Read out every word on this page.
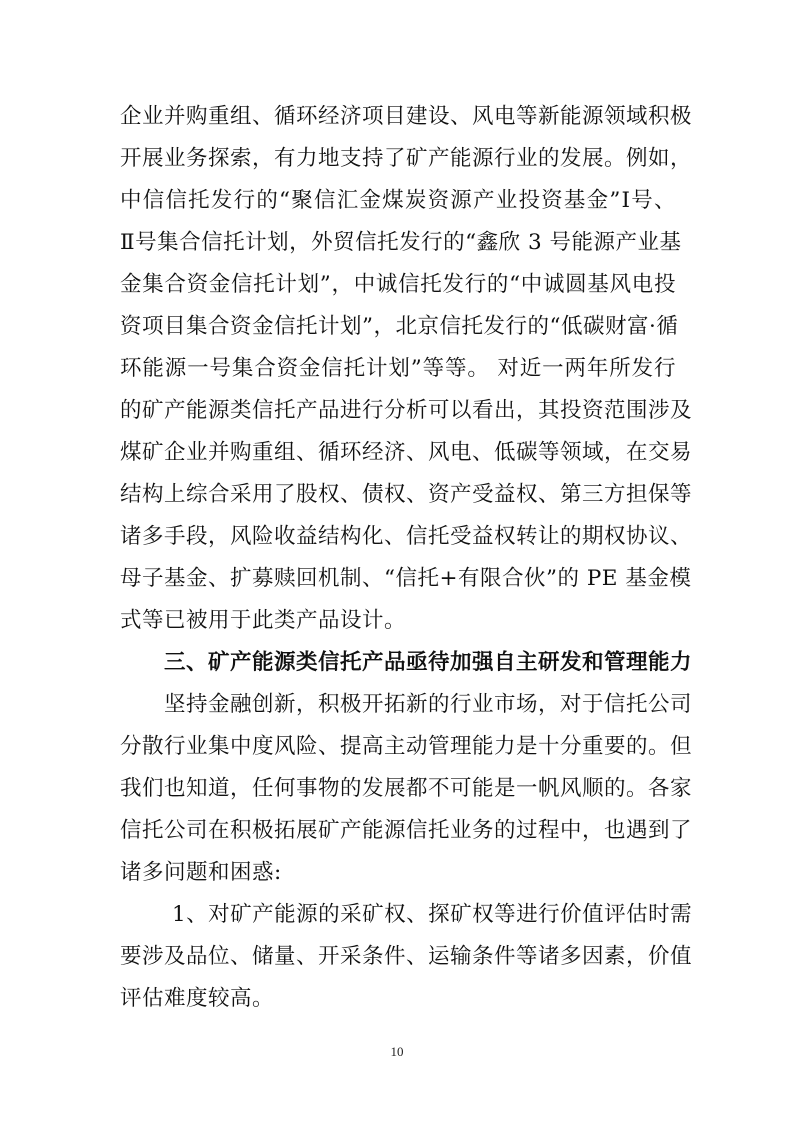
企业并购重组、循环经济项目建设、风电等新能源领域积极
开展业务探索，有力地支持了矿产能源行业的发展。例如，
中信信托发行的“聚信汇金煤炭资源产业投资基金”Ⅰ号、
Ⅱ号集合信托计划，外贸信托发行的“鑫欣 3 号能源产业基
金集合资金信托计划”，中诚信托发行的“中诚圆基风电投
资项目集合资金信托计划”，北京信托发行的“低碳财富·循
环能源一号集合资金信托计划”等等。 对近一两年所发行
的矿产能源类信托产品进行分析可以看出，其投资范围涉及
煤矿企业并购重组、循环经济、风电、低碳等领域，在交易
结构上综合采用了股权、债权、资产受益权、第三方担保等
诸多手段，风险收益结构化、信托受益权转让的期权协议、
母子基金、扩募赎回机制、“信托+有限合伙”的 PE 基金模
式等已被用于此类产品设计。
三、矿产能源类信托产品亟待加强自主研发和管理能力
坚持金融创新，积极开拓新的行业市场，对于信托公司
分散行业集中度风险、提高主动管理能力是十分重要的。但
我们也知道，任何事物的发展都不可能是一帆风顺的。各家
信托公司在积极拓展矿产能源信托业务的过程中，也遇到了
诸多问题和困惑:
1、对矿产能源的采矿权、探矿权等进行价值评估时需
要涉及品位、储量、开采条件、运输条件等诸多因素，价值
评估难度较高。
10
